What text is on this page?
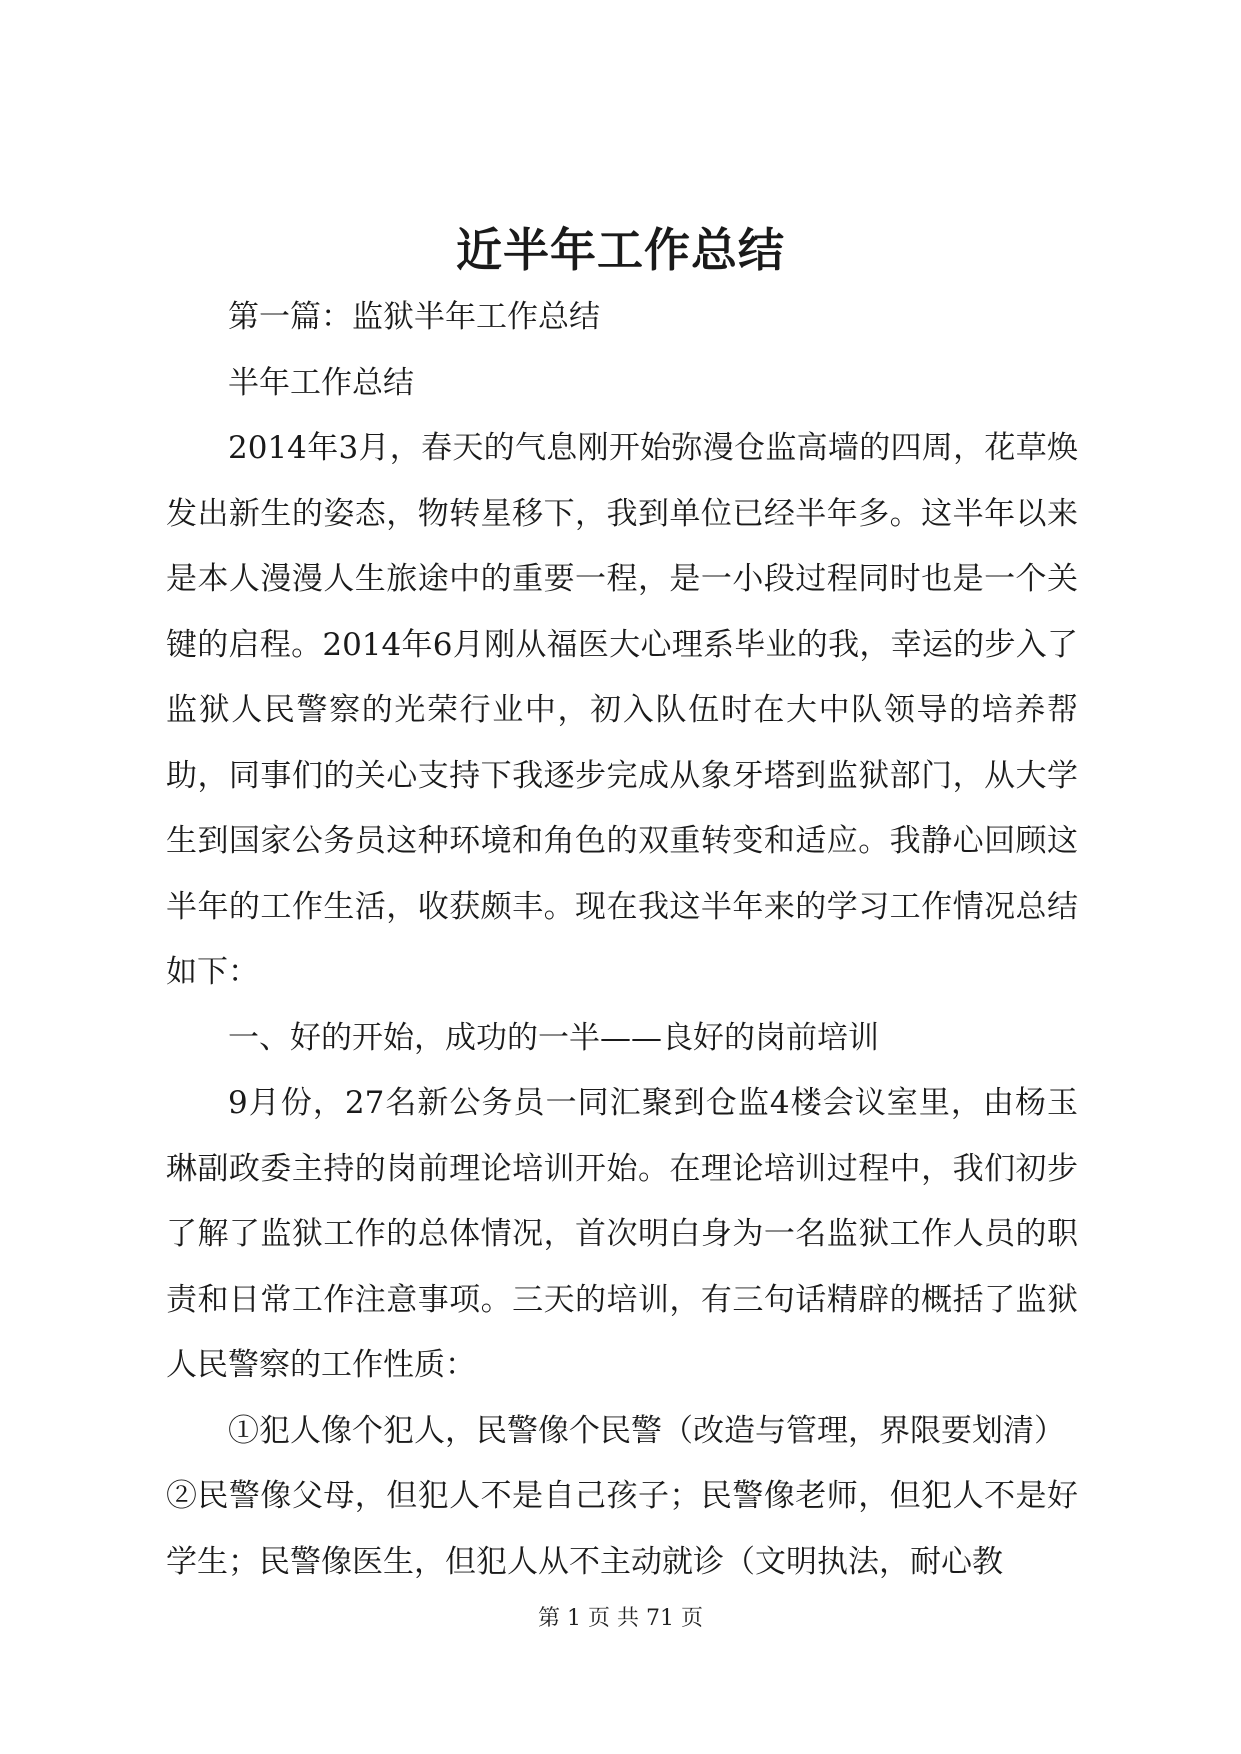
近半年工作总结

第一篇：监狱半年工作总结

半年工作总结

2014年3月，春天的气息刚开始弥漫仓监高墙的四周，花草焕发出新生的姿态，物转星移下，我到单位已经半年多。这半年以来是本人漫漫人生旅途中的重要一程，是一小段过程同时也是一个关键的启程。2014年6月刚从福医大心理系毕业的我，幸运的步入了监狱人民警察的光荣行业中，初入队伍时在大中队领导的培养帮助，同事们的关心支持下我逐步完成从象牙塔到监狱部门，从大学生到国家公务员这种环境和角色的双重转变和适应。我静心回顾这半年的工作生活，收获颇丰。现在我这半年来的学习工作情况总结如下：

一、好的开始，成功的一半——良好的岗前培训

9月份，27名新公务员一同汇聚到仓监4楼会议室里，由杨玉琳副政委主持的岗前理论培训开始。在理论培训过程中，我们初步了解了监狱工作的总体情况，首次明白身为一名监狱工作人员的职责和日常工作注意事项。三天的培训，有三句话精辟的概括了监狱人民警察的工作性质：

①犯人像个犯人，民警像个民警（改造与管理，界限要划清）

②民警像父母，但犯人不是自己孩子；民警像老师，但犯人不是好学生；民警像医生，但犯人从不主动就诊（文明执法，耐心教

第 1 页 共 71 页
